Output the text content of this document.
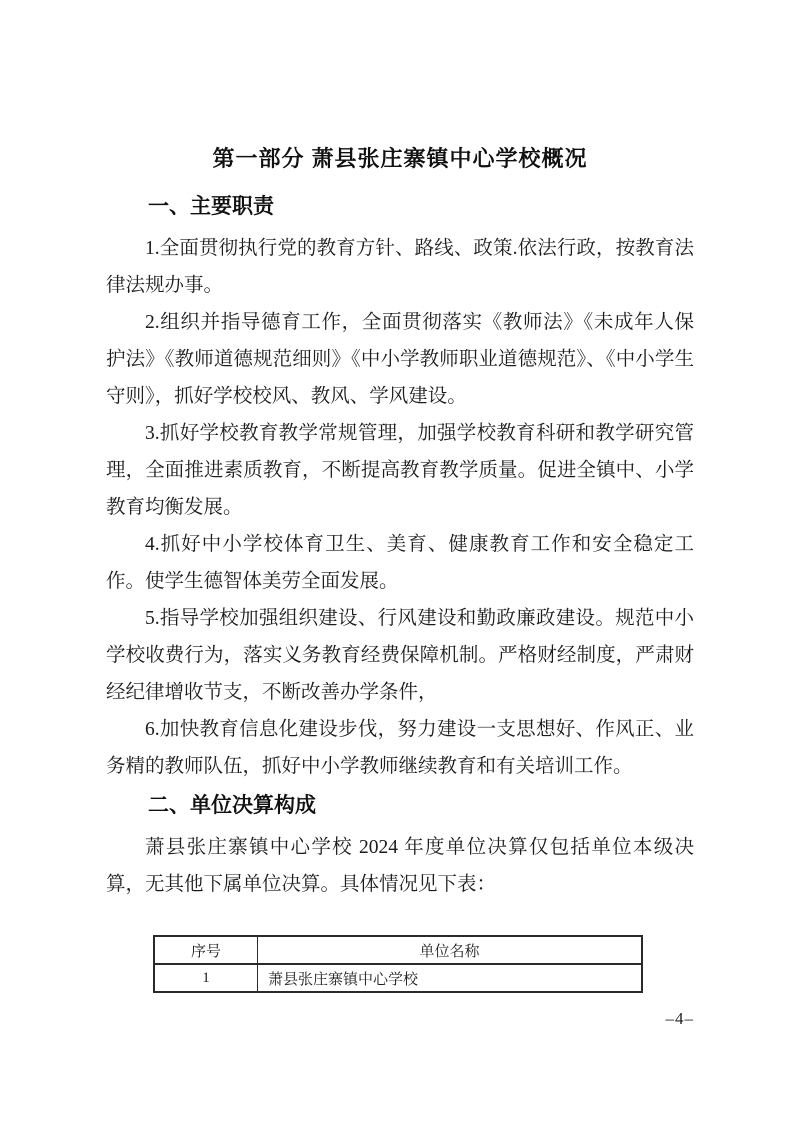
第一部分 萧县张庄寨镇中心学校概况
一、主要职责

1.全面贯彻执行党的教育方针、路线、政策.依法行政，按教育法律法规办事。

2.组织并指导德育工作，全面贯彻落实《教师法》《未成年人保护法》《教师道德规范细则》《中小学教师职业道德规范》、《中小学生守则》，抓好学校校风、教风、学风建设。

3.抓好学校教育教学常规管理，加强学校教育科研和教学研究管理，全面推进素质教育，不断提高教育教学质量。促进全镇中、小学教育均衡发展。

4.抓好中小学校体育卫生、美育、健康教育工作和安全稳定工作。使学生德智体美劳全面发展。

5.指导学校加强组织建设、行风建设和勤政廉政建设。规范中小学校收费行为，落实义务教育经费保障机制。严格财经制度，严肃财经纪律增收节支，不断改善办学条件，

6.加快教育信息化建设步伐，努力建设一支思想好、作风正、业务精的教师队伍，抓好中小学教师继续教育和有关培训工作。

二、单位决算构成

萧县张庄寨镇中心学校 2024 年度单位决算仅包括单位本级决算，无其他下属单位决算。具体情况见下表：

序号	单位名称
1	萧县张庄寨镇中心学校
–4–
